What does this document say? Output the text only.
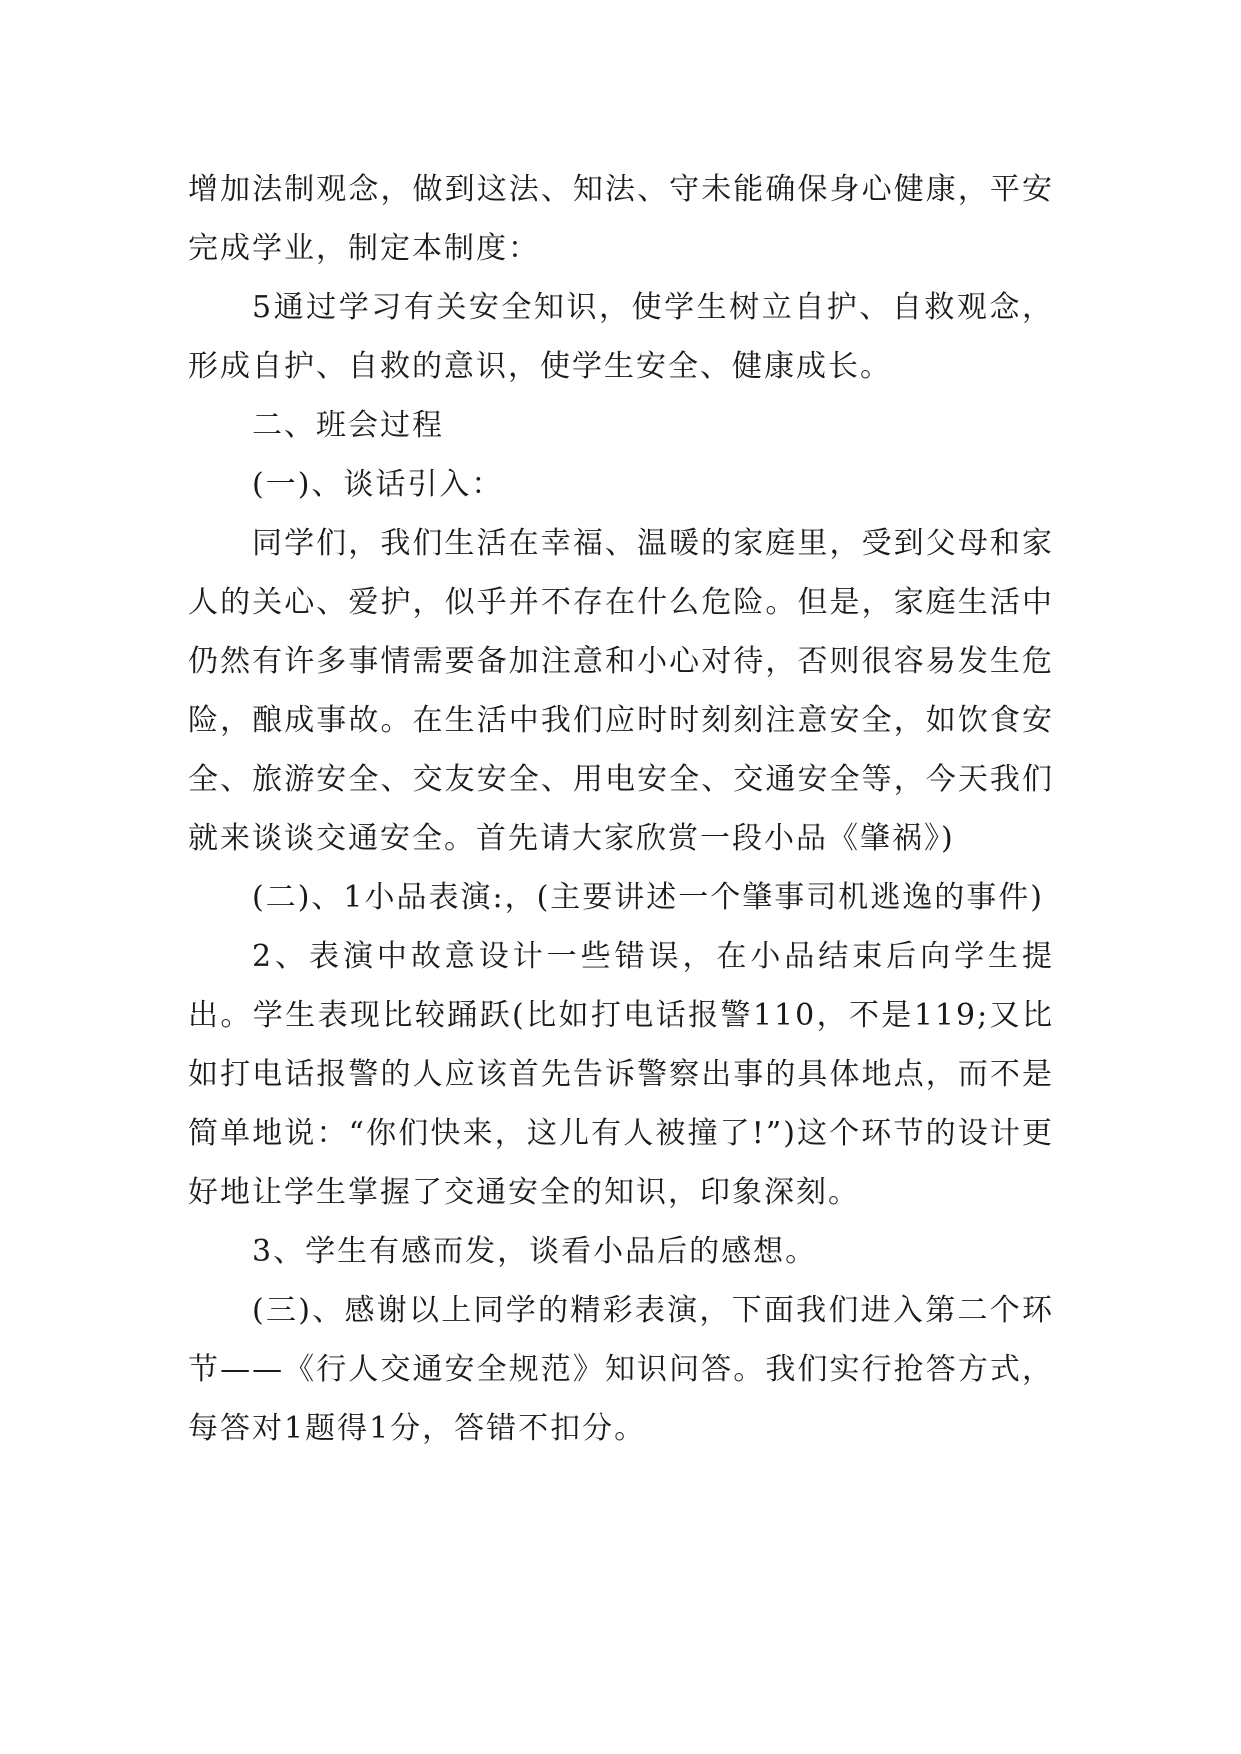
增加法制观念，做到这法、知法、守未能确保身心健康，平安完成学业，制定本制度：

5通过学习有关安全知识，使学生树立自护、自救观念，形成自护、自救的意识，使学生安全、健康成长。

二、班会过程

(一)、谈话引入：

同学们，我们生活在幸福、温暖的家庭里，受到父母和家人的关心、爱护，似乎并不存在什么危险。但是，家庭生活中仍然有许多事情需要备加注意和小心对待，否则很容易发生危险，酿成事故。在生活中我们应时时刻刻注意安全，如饮食安全、旅游安全、交友安全、用电安全、交通安全等，今天我们就来谈谈交通安全。首先请大家欣赏一段小品《肇祸》)

(二)、1小品表演:，(主要讲述一个肇事司机逃逸的事件)

2、表演中故意设计一些错误，在小品结束后向学生提出。学生表现比较踊跃(比如打电话报警110，不是119;又比如打电话报警的人应该首先告诉警察出事的具体地点，而不是简单地说：“你们快来，这儿有人被撞了!”)这个环节的设计更好地让学生掌握了交通安全的知识，印象深刻。

3、学生有感而发，谈看小品后的感想。

(三)、感谢以上同学的精彩表演，下面我们进入第二个环节——《行人交通安全规范》知识问答。我们实行抢答方式，每答对1题得1分，答错不扣分。
